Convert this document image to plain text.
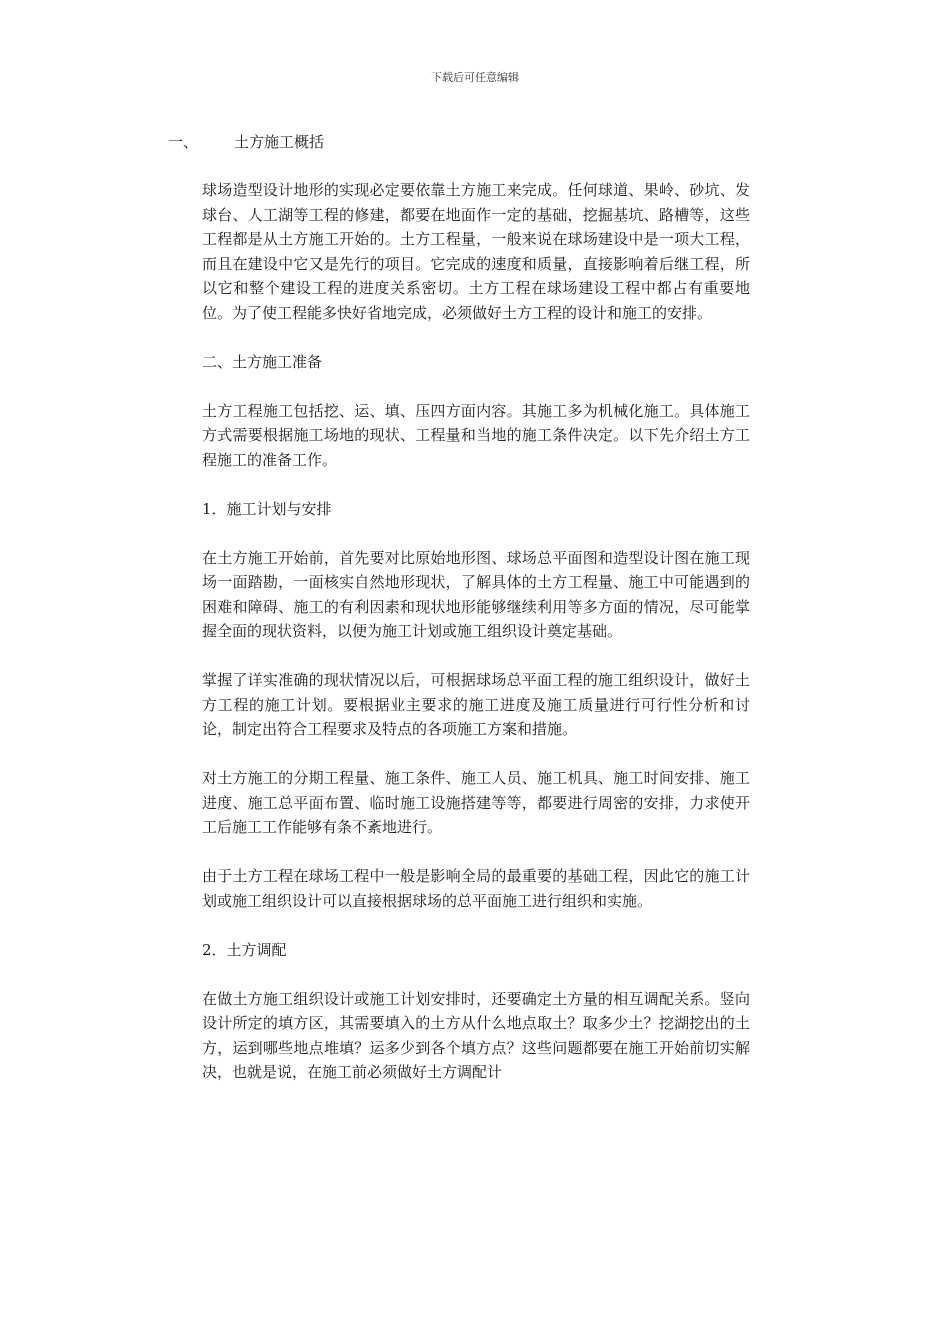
下载后可任意编辑
一、 土方施工概括

球场造型设计地形的实现必定要依靠土方施工来完成。任何球道、果岭、砂坑、发球台、人工湖等工程的修建，都要在地面作一定的基础，挖掘基坑、路槽等，这些工程都是从土方施工开始的。土方工程量，一般来说在球场建设中是一项大工程，而且在建设中它又是先行的项目。它完成的速度和质量，直接影响着后继工程，所以它和整个建设工程的进度关系密切。土方工程在球场建设工程中都占有重要地位。为了使工程能多快好省地完成，必须做好土方工程的设计和施工的安排。

二、土方施工准备

土方工程施工包括挖、运、填、压四方面内容。其施工多为机械化施工。具体施工方式需要根据施工场地的现状、工程量和当地的施工条件决定。以下先介绍土方工程施工的准备工作。

1．施工计划与安排

在土方施工开始前，首先要对比原始地形图、球场总平面图和造型设计图在施工现场一面踏勘，一面核实自然地形现状，了解具体的土方工程量、施工中可能遇到的困难和障碍、施工的有利因素和现状地形能够继续利用等多方面的情况，尽可能掌握全面的现状资料，以便为施工计划或施工组织设计奠定基础。

掌握了详实准确的现状情况以后，可根据球场总平面工程的施工组织设计，做好土方工程的施工计划。要根据业主要求的施工进度及施工质量进行可行性分析和讨论，制定出符合工程要求及特点的各项施工方案和措施。

对土方施工的分期工程量、施工条件、施工人员、施工机具、施工时间安排、施工进度、施工总平面布置、临时施工设施搭建等等，都要进行周密的安排，力求使开工后施工工作能够有条不紊地进行。

由于土方工程在球场工程中一般是影响全局的最重要的基础工程，因此它的施工计划或施工组织设计可以直接根据球场的总平面施工进行组织和实施。

2．土方调配

在做土方施工组织设计或施工计划安排时，还要确定土方量的相互调配关系。竖向设计所定的填方区，其需要填入的土方从什么地点取土？取多少土？挖湖挖出的土方，运到哪些地点堆填？运多少到各个填方点？这些问题都要在施工开始前切实解决，也就是说，在施工前必须做好土方调配计
